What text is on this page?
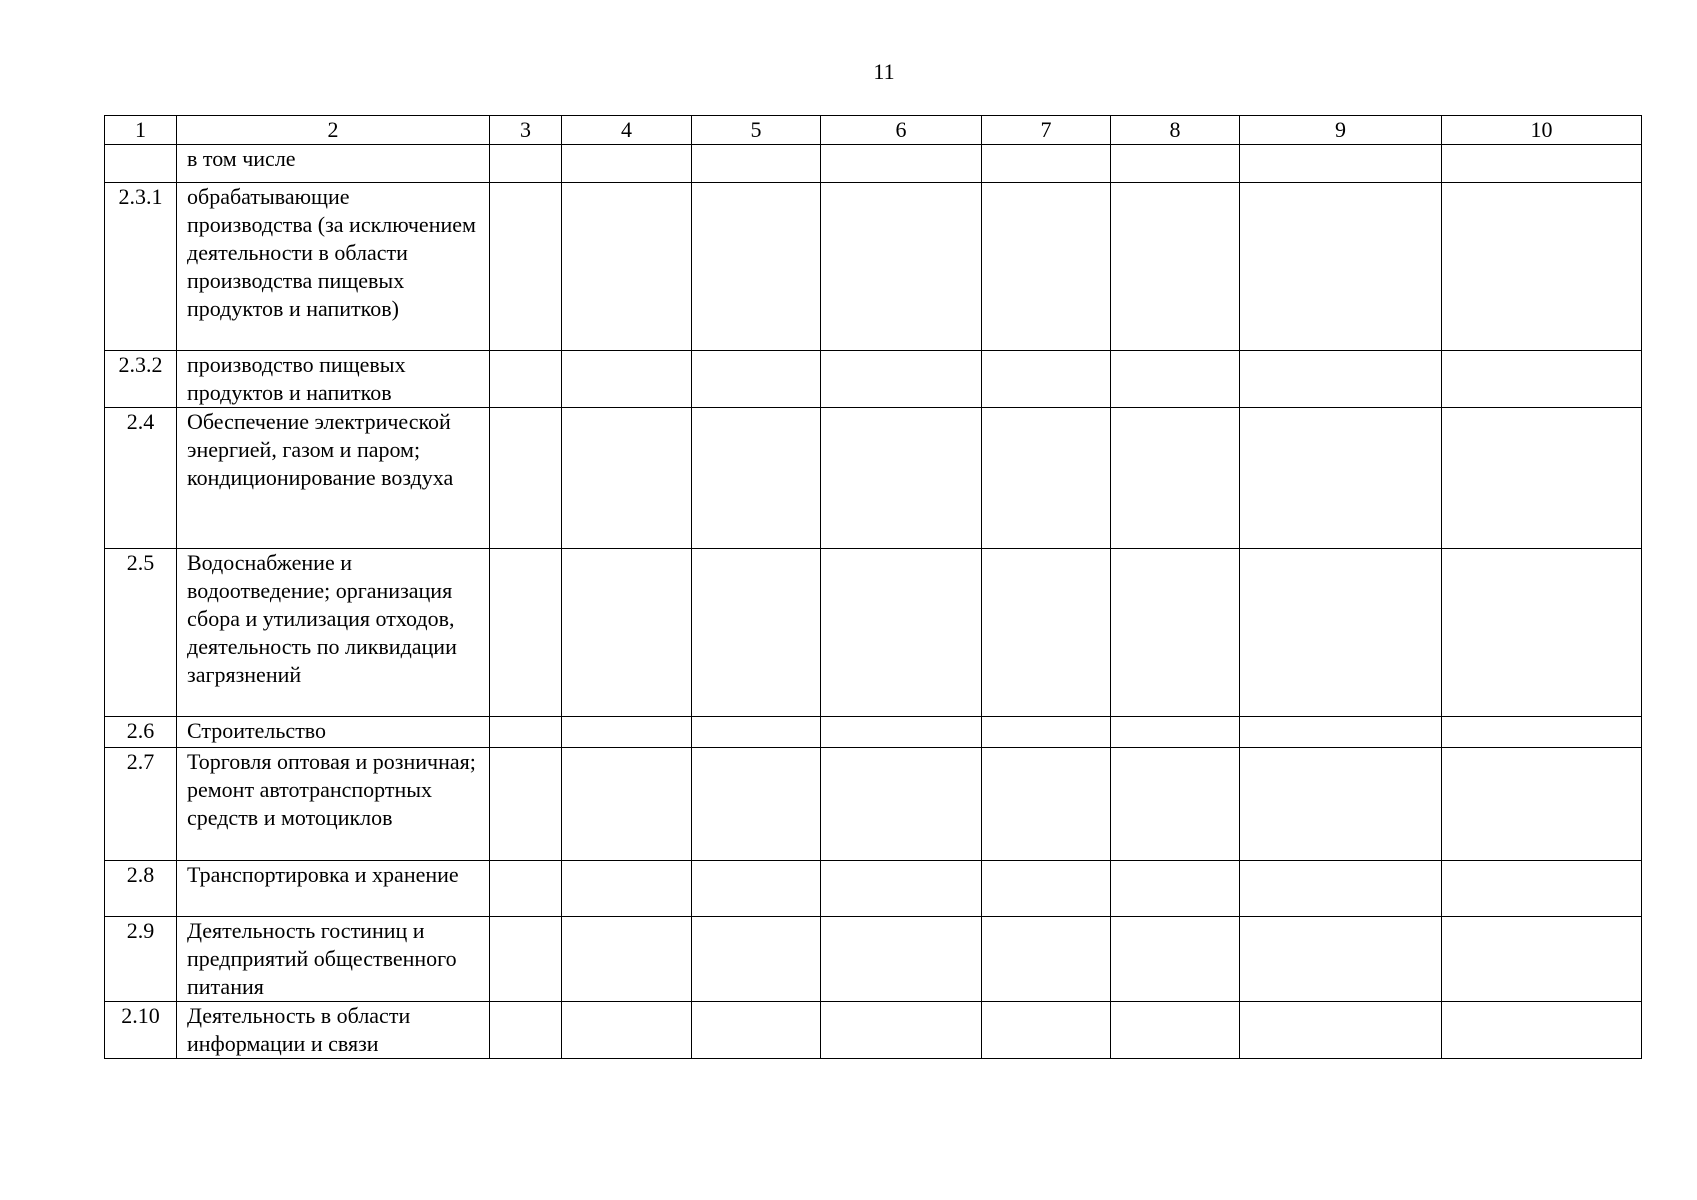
11
1	2	3	4	5	6	7	8	9	10
	в том числе								
2.3.1	обрабатывающие производства (за исключением деятельности в области производства пищевых продуктов и напитков)								
2.3.2	производство пищевых продуктов и напитков								
2.4	Обеспечение электрической энергией, газом и паром; кондиционирование воздуха								
2.5	Водоснабжение и водоотведение; организация сбора и утилизация отходов, деятельность по ликвидации загрязнений								
2.6	Строительство								
2.7	Торговля оптовая и розничная; ремонт автотранспортных средств и мотоциклов								
2.8	Транспортировка и хранение								
2.9	Деятельность гостиниц и предприятий общественного питания								
2.10	Деятельность в области информации и связи								
